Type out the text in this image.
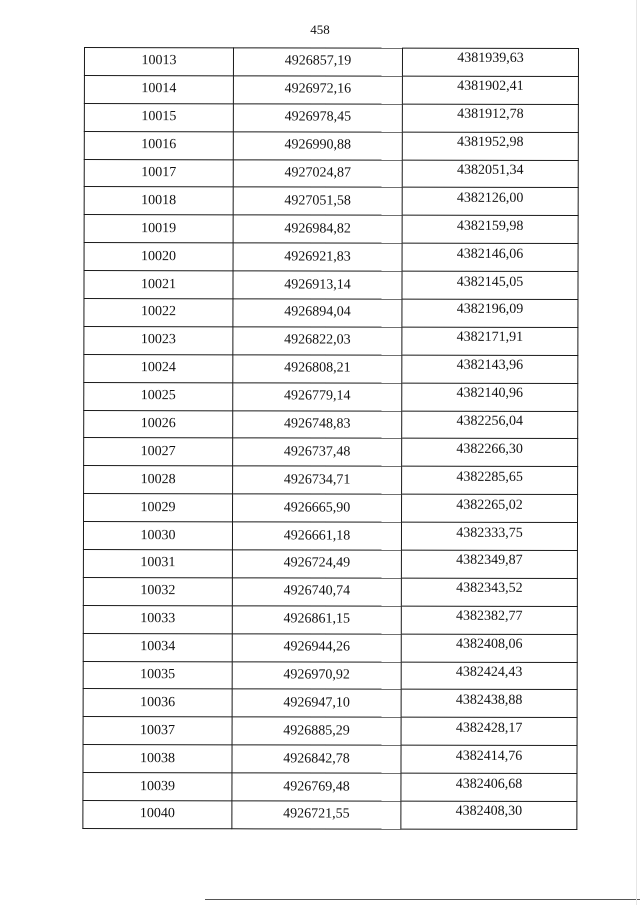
458
10013	4926857,19	4381939,63
10014	4926972,16	4381902,41
10015	4926978,45	4381912,78
10016	4926990,88	4381952,98
10017	4927024,87	4382051,34
10018	4927051,58	4382126,00
10019	4926984,82	4382159,98
10020	4926921,83	4382146,06
10021	4926913,14	4382145,05
10022	4926894,04	4382196,09
10023	4926822,03	4382171,91
10024	4926808,21	4382143,96
10025	4926779,14	4382140,96
10026	4926748,83	4382256,04
10027	4926737,48	4382266,30
10028	4926734,71	4382285,65
10029	4926665,90	4382265,02
10030	4926661,18	4382333,75
10031	4926724,49	4382349,87
10032	4926740,74	4382343,52
10033	4926861,15	4382382,77
10034	4926944,26	4382408,06
10035	4926970,92	4382424,43
10036	4926947,10	4382438,88
10037	4926885,29	4382428,17
10038	4926842,78	4382414,76
10039	4926769,48	4382406,68
10040	4926721,55	4382408,30
